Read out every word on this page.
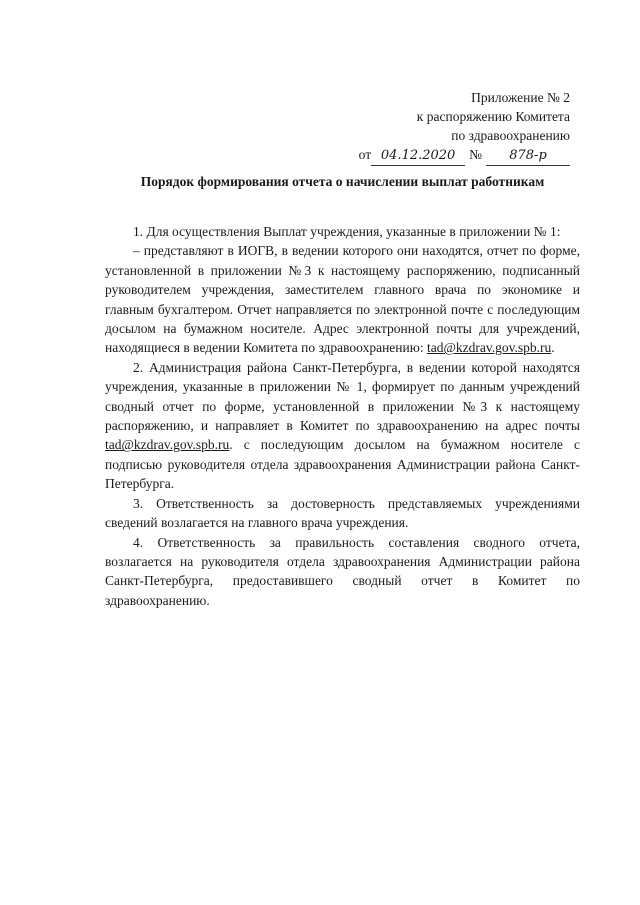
Приложение № 2
к распоряжению Комитета
по здравоохранению
от 04.12.2020	№	878-р
Порядок формирования отчета о начислении выплат работникам

1. Для осуществления Выплат учреждения, указанные в приложении № 1:

– представляют в ИОГВ, в ведении которого они находятся, отчет по форме, установленной в приложении №3 к настоящему распоряжению, подписанный руководителем учреждения, заместителем главного врача по экономике и главным бухгалтером. Отчет направляется по электронной почте с последующим досылом на бумажном носителе. Адрес электронной почты для учреждений, находящиеся в ведении Комитета по здравоохранению: tad@kzdrav.gov.spb.ru.

2. Администрация района Санкт-Петербурга, в ведении которой находятся учреждения, указанные в приложении № 1, формирует по данным учреждений сводный отчет по форме, установленной в приложении №3 к настоящему распоряжению, и направляет в Комитет по здравоохранению на адрес почты tad@kzdrav.gov.spb.ru. с последующим досылом на бумажном носителе с подписью руководителя отдела здравоохранения Администрации района Санкт-Петербурга.

3. Ответственность за достоверность представляемых учреждениями сведений возлагается на главного врача учреждения.

4. Ответственность за правильность составления сводного отчета, возлагается на руководителя отдела здравоохранения Администрации района Санкт-Петербурга, предоставившего сводный отчет в Комитет по здравоохранению.
